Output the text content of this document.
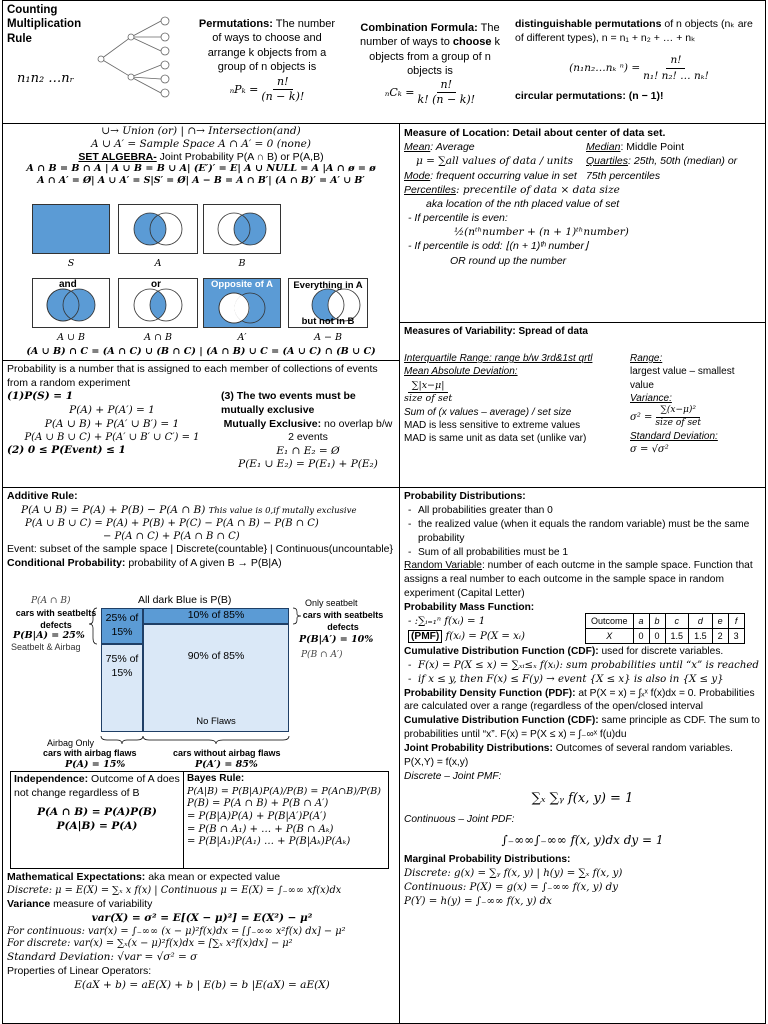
Counting Multiplication Rule
n₁n₂ …nᵣ
Permutations: The number of ways to choose and arrange k objects from a group of n objects is
$_nP_k = \frac{n!}{(n - k)!}$
Combination Formula: The number of ways to choose k objects from a group of n objects is
$_nC_k = \frac{n!}{k! (n - k)!}$
distinguishable permutations of n objects (nₖ are of different types), n = n₁ + n₂ + … + nₖ
(n₁n₂…nₖ $^n) = \frac{n!}{\text{n₁! n₂! … nₖ!}}$
circular permutations: (n − 1)!
∪→ Union (or) | ∩→ Intersection(and)
A ∪ A′ = Sample Space A ∩ A′ = 0 (none)
SET ALGEBRA- Joint Probability P(A ∩ B) or P(A,B)
A ∩ B = B ∩ A | A ∪ B = B ∪ A| (E′)′ = E| A ∪ NULL = A |A ∩ ø = ø
A ∩ A′ = Ø| A ∪ A′ = S|S′ = Ø| A − B = A ∩ B′| (A ∩ B)′ = A′ ∪ B′
S	A	B
and
A ∪ B
or
A ∩ B
Opposite of A
A′
Everything in A
but not in B
A − B
(A ∪ B) ∩ C = (A ∩ C) ∪ (B ∩ C) | (A ∩ B) ∪ C = (A ∪ C) ∩ (B ∪ C)
Measure of Location: Detail about center of data set.
Mean: Average
μ = ∑all values of data / units
Mode: frequent occurring value in set
Median: Middle Point
Quartiles: 25th, 50th (median) or 75th percentiles
Percentiles: precentile of data × data size
aka location of the nth placed value of set
- If percentile is even:
½(nᵗʰnumber + (n + 1)ᵗʰnumber)
- If percentile is odd: ⌊(n + 1)ᵗʰ number⌋
OR round up the number
Measures of Variability: Spread of data
Interquartile Range: range b/w 3rd&1st qrtl
Mean Absolute Deviation:
∑|x−μ|
size of set
Sum of (x values – average) / set size
MAD is less sensitive to extreme values
MAD is same unit as data set (unlike var)
Range:
largest value – smallest value
Variance:
σ² =
∑(x−μ)²
size of set
Standard Deviation:
σ = √σ²
Probability is a number that is assigned to each member of collections of events from a random experiment
(1)P(S) = 1
P(A) + P(A′) = 1
P(A ∪ B) + P(A′ ∪ B′) = 1
P(A ∪ B ∪ C) + P(A′ ∪ B′ ∪ C′) = 1
(2) 0 ≤ P(Event) ≤ 1
(3) The two events must be mutually exclusive
Mutually Exclusive: no overlap b/w 2 events
E₁ ∩ E₂ = Ø
P(E₁ ∪ E₂) = P(E₁) + P(E₂)
Additive Rule:
P(A ∪ B) = P(A) + P(B) − P(A ∩ B) This value is 0,if mutally exclusive
P(A ∪ B ∪ C) = P(A) + P(B) + P(C) − P(A ∩ B) − P(B ∩ C)
− P(A ∩ C) + P(A ∩ B ∩ C)
Event: subset of the sample space | Discrete(countable} | Continuous(uncountable}
Conditional Probability: probability of A given B → P(B|A)
All dark Blue is P(B)
P(A ∩ B)
cars with seatbelts defects
P(B|A) = 25%
Seatbelt & Airbag
Only seatbelt
cars with seatbelts defects
P(B|A′) = 10%
P(B ∩ A′)
25% of 15%
10% of 85%
75% of 15%
90% of 85%
No Flaws
Airbag Only
cars with airbag flaws
P(A) = 15%
cars without airbag flaws
P(A′) = 85%
Independence: Outcome of A does not change regardless of B
P(A ∩ B) = P(A)P(B)
P(A|B) = P(A)
Bayes Rule:
P(A|B) = P(B|A)P(A)/P(B) = P(A∩B)/P(B)
P(B) = P(A ∩ B) + P(B ∩ A′)
= P(B|A)P(A) + P(B|A′)P(A′)
= P(B ∩ A₁) + … + P(B ∩ Aₖ)
= P(B|A₁)P(A₁) … + P(B|Aₖ)P(Aₖ)
Mathematical Expectations: aka mean or expected value
Discrete: μ = E(X) = ∑ₓ x f(x) | Continuous μ = E(X) = ∫₋∞∞ xf(x)dx
Variance measure of variability
var(X) = σ² = E[(X − μ)²] = E(X²) − μ²
For continuous: var(x) = ∫₋∞∞ (x − μ)²f(x)dx = [∫₋∞∞ x²f(x) dx] − μ²
For discrete: var(x) = ∑ₓ(x − μ)²f(x)dx = [∑ₓ x²f(x)dx] − μ²
Standard Deviation: √var = √σ² = σ
Properties of Linear Operators:
E(aX + b) = aE(X) + b | E(b) = b |E(aX) = aE(X)
Probability Distributions:
- All probabilities greater than 0
- the realized value (when it equals the random variable) must be the same probability
- Sum of all probabilities must be 1
Random Variable: number of each outcme in the sample space. Function that assigns a real number to each outcome in the sample space in random experiment (Capital Letter)
Probability Mass Function:
- :∑ᵢ₌₁ⁿ f(xᵢ) = 1
(PMF) f(xᵢ) = P(X = xᵢ)
Outcome	a	b	c	d	e	f
X	0	0	1.5	1.5	2	3
Cumulative Distribution Function (CDF): used for discrete variables.
- F(x) = P(X ≤ x) = ∑ₓᵢ≤ₓ f(xᵢ): sum probabilities until “x” is reached
- if x ≤ y, then F(x) ≤ F(y) → event {X ≤ x} is also in {X ≤ y}
Probability Density Function (PDF): at P(X = x) = ∫ₓˣ f(x)dx = 0. Probabilities are calculated over a range (regardless of the open/closed interval
Cumulative Distribution Function (CDF): same principle as CDF. The sum to probabilities until “x”. F(x) = P(X ≤ x) = ∫₋∞ˣ f(u)du
Joint Probability Distributions: Outcomes of several random variables. P(X,Y) = f(x,y)
Discrete – Joint PMF:
∑ₓ ∑ᵧ f(x, y) = 1
Continuous – Joint PDF:
∫₋∞∞∫₋∞∞ f(x, y)dx dy = 1
Marginal Probability Distributions:
Discrete: g(x) = ∑ᵧ f(x, y) | h(y) = ∑ₓ f(x, y)
Continuous: P(X) = g(x) = ∫₋∞∞ f(x, y) dy
P(Y) = h(y) = ∫₋∞∞ f(x, y) dx
